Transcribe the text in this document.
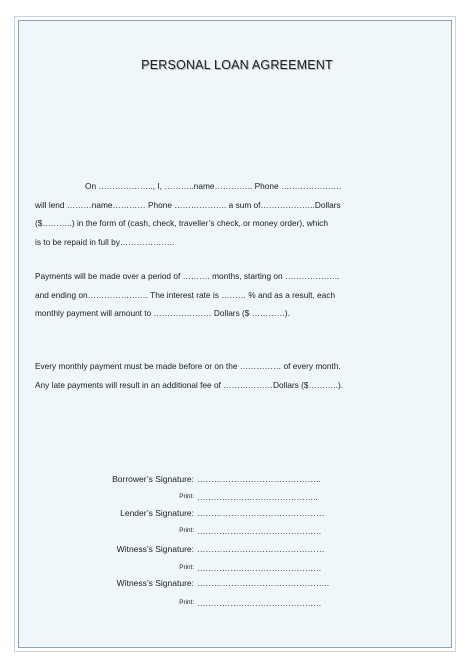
PERSONAL LOAN AGREEMENT
On ……………….., I, ………..name………….. Phone ………………….
will lend ………name………… Phone ………………. a sum of………………..Dollars
($………..) in the form of (cash, check, traveller’s check, or money order), which
is to be repaid in full by………………..
Payments will be made over a period of ………. months, starting on ………………..
and ending on…………………. The interest rate is ……… % and as a result, each
monthly payment will amount to ………………… Dollars ($ …………).
Every monthly payment must be made before or on the …………… of every month.
Any late payments will result in an additional fee of ………………Dollars ($………..).
Borrower’s Signature: ……………………………………..
Print: ……………………………………..
Lender’s Signature: ………………………………………
Print: ………………………………………
Witness’s Signature: ………………………………………
Print: ………………………………………
Witness’s Signature: ………………………………………..
Print: ………………………………………
